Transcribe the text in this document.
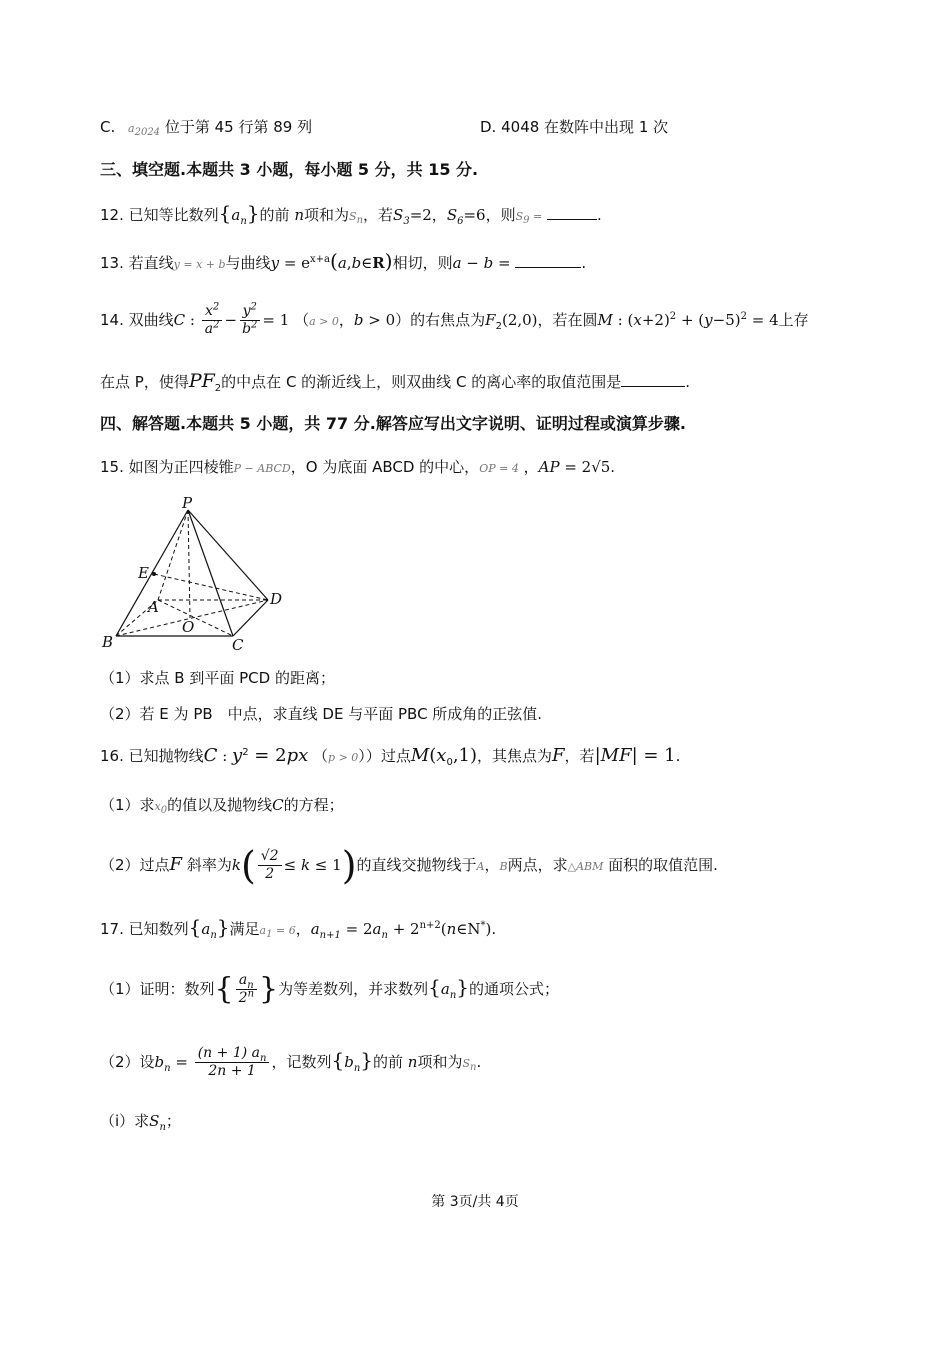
C. $a_{2024}$ 位于第 45 行第 89 列	D. 4048 在数阵中出现 1 次
三、填空题.本题共 3 小题，每小题 5 分，共 15 分.
12. 已知等比数列$\{a_n\}$的前 n项和为$S_n$，若$S_3=2$，$S_6=6$，则$S_9$ =	.
13. 若直线y = x + b与曲线$y = e^{x+a}(a,b\in R)$相切，则a − b =	.
14. 双曲线C : $\frac{x^2}{a^2} - \frac{y^2}{b^2} = 1$ （a > 0，b > 0）的右焦点为$F_2(2,0)$，若在圆M : $(x+2)^2 + (y-5)^2 = 4$上存
在点 P，使得$PF_2$的中点在 C 的渐近线上，则双曲线 C 的离心率的取值范围是	.
四、解答题.本题共 5 小题，共 77 分.解答应写出文字说明、证明过程或演算步骤.
15. 如图为正四棱锥P − ABCD，O 为底面 ABCD 的中心，OP = 4 ，AP = 2√5.
P
E
A	D
O
B	C
（1）求点 B 到平面 PCD 的距离；
（2）若 E 为 PB　中点，求直线 DE 与平面 PBC 所成角的正弦值.
16. 已知抛物线C : $y^2 = 2px$ （p > 0））过点$M(x_0,1)$，其焦点为F，若|MF| = 1.
（1）求$x_0$的值以及抛物线C的方程；
（2）过点F 斜率为$k( \frac{√2}{2} \le k \le 1)$的直线交抛物线于A，B两点，求△ABM 面积的取值范围.
17. 已知数列$\{a_n\}$满足$a_1 = 6$，$a_{n+1} = 2a_n$ + $2^{n+2}(n\in N^*)$.
（1）证明：数列{ $\frac{a_n}{2^n}$ }为等差数列，并求数列$\{a_n\}$的通项公式；
（2）设$b_n = \frac{(n + 1) a_n}{2n + 1}$ ，记数列$\{b_n\}$的前 n项和为$S_n$.
（i）求$S_n$；
第 3页/共 4页
